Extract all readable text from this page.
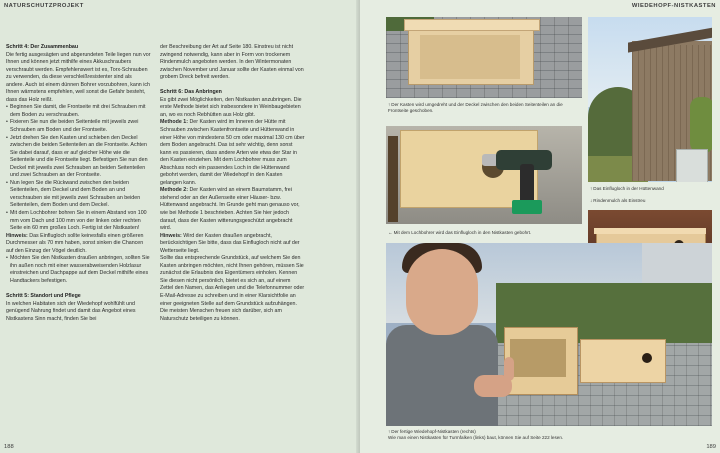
NATURSCHUTZPROJEKT
Schritt 4: Der Zusammenbau
Die fertig ausgesägten und abgerundeten Teile liegen nun vor Ihnen und können jetzt mithilfe eines Akkuschraubers verschraubt werden. Empfehlenswert ist es, Torx-Schrauben zu verwenden, da diese verschleißresistenter sind als andere. Auch ist einem dünnen Bohrer vorzubohren, kann ich Ihnen wärmstens empfehlen, weil sonst die Gefahr besteht, dass das Holz reißt.
• Beginnen Sie damit, die Frontseite mit drei Schrauben mit dem Boden zu verschrauben.
• Fixieren Sie nun die beiden Seitenteile mit jeweils zwei Schrauben am Boden und der Frontseite.
• Jetzt drehen Sie den Kasten und schieben den Deckel zwischen die beiden Seitenteilen an die Frontseite. Achten Sie dabei darauf, dass er auf gleicher Höhe wie die Seitenteile und die Frontseite liegt. Befestigen Sie nun den Deckel mit jeweils zwei Schrauben an beiden Seitenteilen und zwei Schrauben an der Frontseite.
• Nun legen Sie die Rückwand zwischen den beiden Seitenteilen, dem Deckel und dem Boden an und verschrauben sie mit jeweils zwei Schrauben an beiden Seitenteilen, dem Boden und dem Deckel.
• Mit dem Lochbohrer bohren Sie in einem Abstand von 100 mm vom Dach und 100 mm von der linken oder rechten Seite ein 60 mm großes Loch. Fertig ist der Nistkasten!
Hinweis: Das Einflugloch sollte keinesfalls einen größeren Durchmesser als 70 mm haben, sonst sinken die Chancen auf den Einzug der Vögel deutlich.
• Möchten Sie den Nistkasten draußen anbringen, sollten Sie ihn außen noch mit einer wasserabweisenden Holzlasur einstreichen und Dachpappe auf dem Deckel mithilfe eines Handtackers befestigen.
Schritt 5: Standort und Pflege
In welchen Habitaten sich der Wiedehopf wohlfühlt und genügend Nahrung findet und damit das Angebot eines Nistkastens Sinn macht, finden Sie bei
der Beschreibung der Art auf Seite 180. Einstreu ist nicht zwingend notwendig, kann aber in Form von trockenem Rindenmulch angeboten werden. In den Wintermonaten zwischen November und Januar sollte der Kasten einmal von grobem Dreck befreit werden.
Schritt 6: Das Anbringen
Es gibt zwei Möglichkeiten, den Nistkasten anzubringen. Die erste Methode bietet sich insbesondere in Weinbaugebieten an, wo es noch Rebhütten aus Holz gibt.
Methode 1: Der Kasten wird im Inneren der Hütte mit Schrauben zwischen Kastenfrontseite und Hüttenwand in einer Höhe von mindestens 50 cm oder maximal 130 cm über dem Boden angebracht. Das ist sehr wichtig, denn sonst kann es passieren, dass andere Arten wie etwa der Star in den Kasten einziehen. Mit dem Lochbohrer muss zum Abschluss noch ein passendes Loch in die Hüttenwand gebohrt werden, damit der Wiedehopf in den Kasten gelangen kann.
Methode 2: Der Kasten wird an einem Baumstamm, frei stehend oder an der Außenseite einer Häuser- bzw. Hüttenwand angebracht. Im Grunde geht man genauso vor, wie bei Methode 1 beschrieben. Achten Sie hier jedoch darauf, dass der Kasten witterungsgeschützt angebracht wird.
Hinweis: Wird der Kasten draußen angebracht, berücksichtigen Sie bitte, dass das Einflugloch nicht auf der Wetterseite liegt.
Sollte das entsprechende Grundstück, auf welchem Sie den Kasten anbringen möchten, nicht Ihnen gehören, müssen Sie zunächst die Erlaubnis des Eigentümers einholen. Kennen Sie diesen nicht persönlich, bietet es sich an, auf einem Zettel den Namen, das Anliegen und die Telefonnummer oder E-Mail-Adresse zu schreiben und in einer Klarsichtfolie an einer geeigneten Stelle auf dem Grundstück aufzuhängen. Die meisten Menschen freuen sich darüber, sich am Naturschutz beteiligen zu können.
188
WIEDEHOPF-NISTKASTEN
189
↑Der Kasten wird umgedreht und der Deckel zwischen den beiden Seitenteilen an die Frontseite geschoben.
↑Das Einflugloch in der Hüttenwand
↓Rindenmulch als Einstreu
←Mit dem Lochbohrer wird das Einflugloch in den Nistkasten gebohrt.
↑Der fertige Wiedehopf-Nistkasten (rechts)
Wie man einen Nistkasten für Turmfalken (links) baut, können Sie auf Seite 222 lesen.
